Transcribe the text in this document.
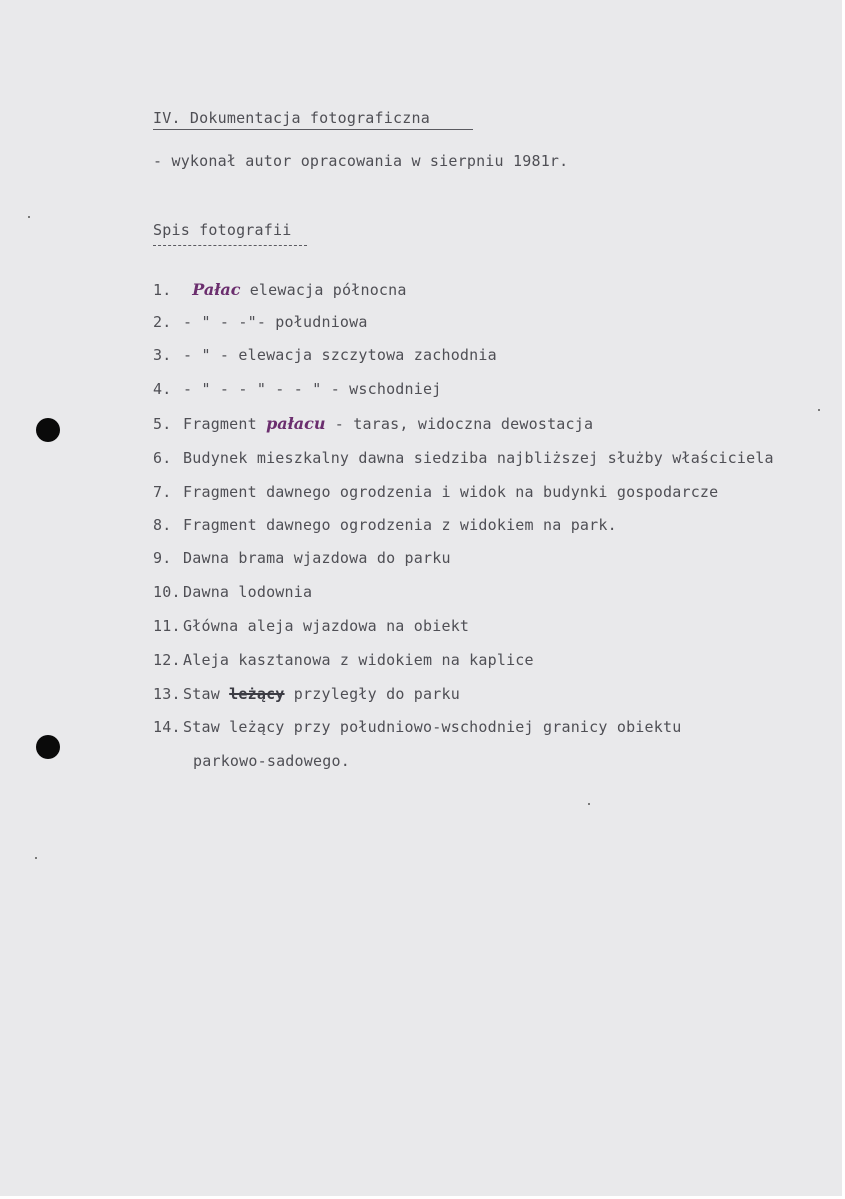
IV. Dokumentacja fotograficzna
- wykonał autor opracowania w sierpniu 1981r.
Spis fotografii
1. Pałac elewacja północna
2. - " - -"- południowa
3. - " - elewacja szczytowa zachodnia
4. - " - - " - - " - wschodniej
5. Fragment pałacu - taras, widoczna dewostacja
6. Budynek mieszkalny dawna siedziba najbliższej służby właściciela
7. Fragment dawnego ogrodzenia i widok na budynki gospodarcze
8. Fragment dawnego ogrodzenia z widokiem na park.
9. Dawna brama wjazdowa do parku
10. Dawna lodownia
11. Główna aleja wjazdowa na obiekt
12. Aleja kasztanowa z widokiem na kaplice
13. Staw leżący przyległy do parku
14. Staw leżący przy południowo-wschodniej granicy obiektu
parkowo-sadowego.
